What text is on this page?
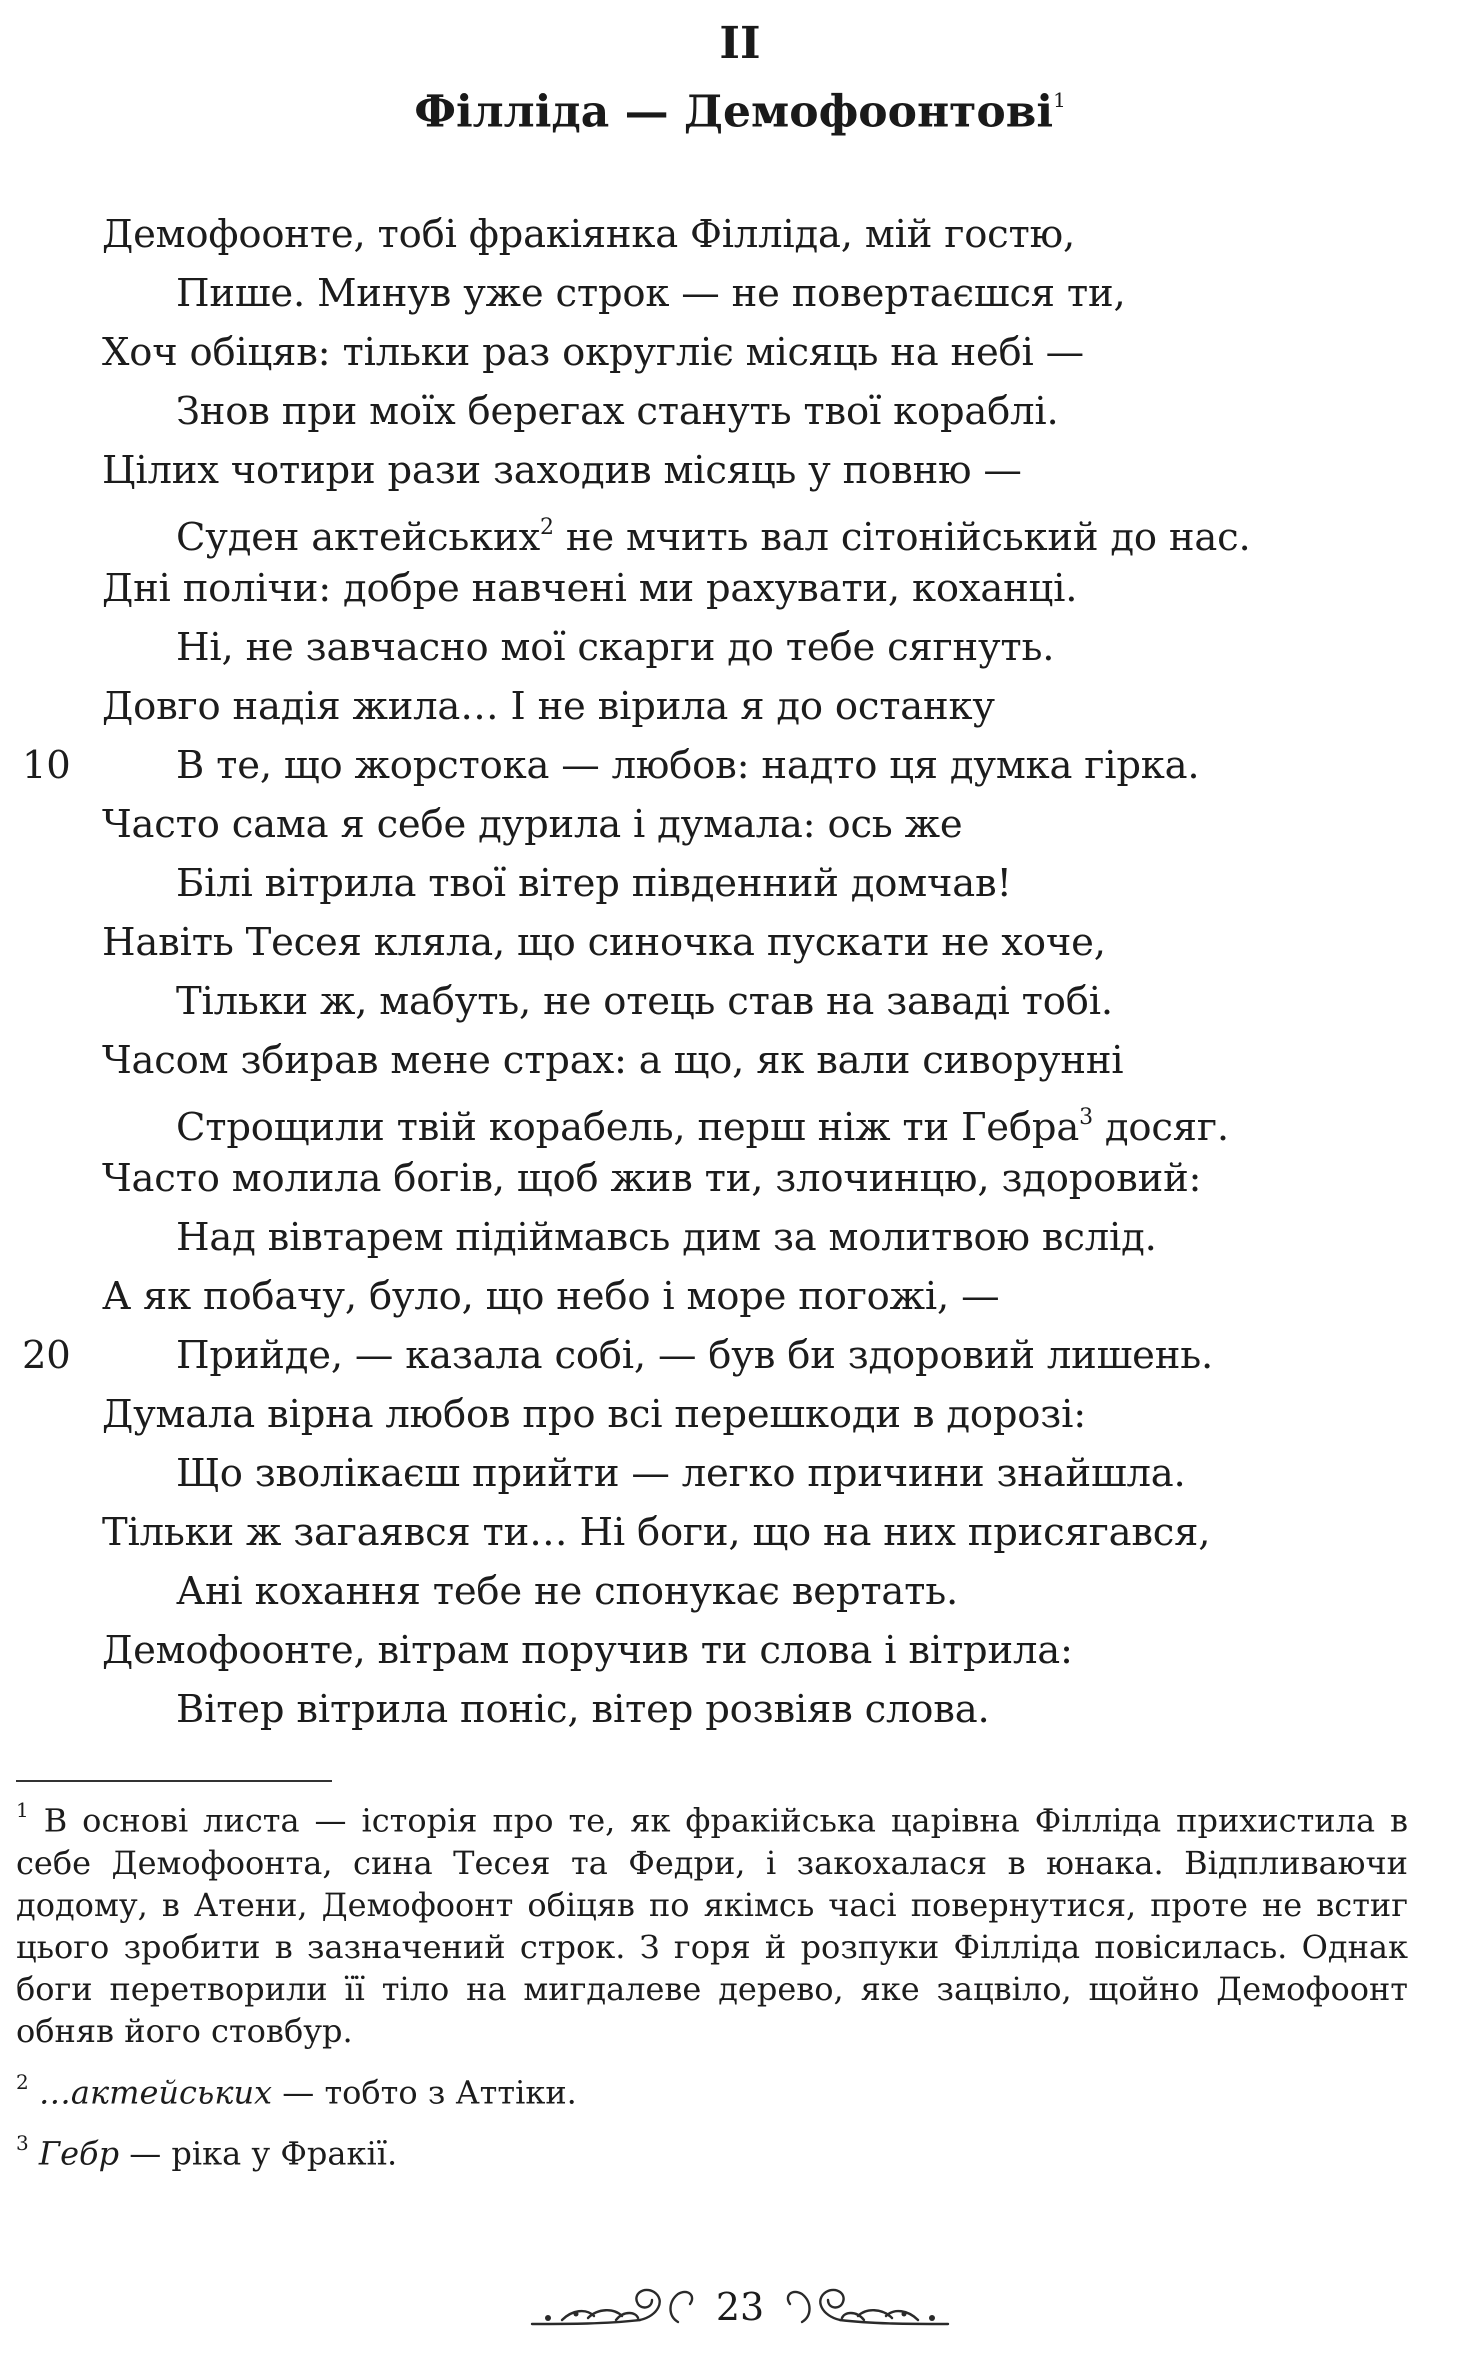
II
Філліда — Демофоонтові$^1$
Демофоонте, тобі фракіянка Філліда, мій гостю,
Пише. Минув уже строк — не повертаєшся ти,
Хоч обіцяв: тільки раз округліє місяць на небі —
Знов при моїх берегах стануть твої кораблі.
Цілих чотири рази заходив місяць у повню —
Суден актейських$^2$ не мчить вал сітонійський до нас.
Дні полічи: добре навчені ми рахувати, коханці.
Ні, не завчасно мої скарги до тебе сягнуть.
Довго надія жила… І не вірила я до останку
10	В те, що жорстока — любов: надто ця думка гірка.
Часто сама я себе дурила і думала: ось же
Білі вітрила твої вітер південний домчав!
Навіть Тесея кляла, що синочка пускати не хоче,
Тільки ж, мабуть, не отець став на заваді тобі.
Часом збирав мене страх: а що, як вали сиворунні
Строщили твій корабель, перш ніж ти Гебра$^3$ досяг.
Часто молила богів, щоб жив ти, злочинцю, здоровий:
Над вівтарем підіймавсь дим за молитвою вслід.
А як побачу, було, що небо і море погожі, —
20	Прийде, — казала собі, — був би здоровий лишень.
Думала вірна любов про всі перешкоди в дорозі:
Що зволікаєш прийти — легко причини знайшла.
Тільки ж загаявся ти… Ні боги, що на них присягався,
Ані кохання тебе не спонукає вертать.
Демофоонте, вітрам поручив ти слова і вітрила:
Вітер вітрила поніс, вітер розвіяв слова.

$^1$ В основі листа — історія про те, як фракійська царівна Філліда прихистила в себе Демофоонта, сина Тесея та Федри, і закохалася в юнака. Відпливаючи додому, в Атени, Демофоонт обіцяв по якімсь часі повернутися, проте не встиг цього зробити в зазначений строк. З горя й розпуки Філліда повісилась. Однак боги перетворили її тіло на мигдалеве дерево, яке зацвіло, щойно Демофоонт обняв його стовбур.

$^2$ …актейських — тобто з Аттіки.

$^3$ Гебр — ріка у Фракії.

23
